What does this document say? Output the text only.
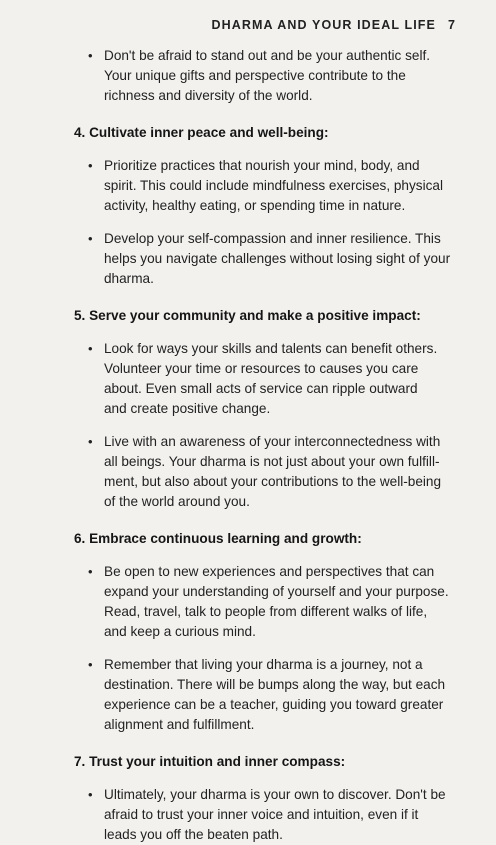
DHARMA AND YOUR IDEAL LIFE 7
• Don't be afraid to stand out and be your authentic self.
Your unique gifts and perspective contribute to the
richness and diversity of the world.
4. Cultivate inner peace and well-being:
• Prioritize practices that nourish your mind, body, and
spirit. This could include mindfulness exercises, physical
activity, healthy eating, or spending time in nature.
• Develop your self-compassion and inner resilience. This
helps you navigate challenges without losing sight of your
dharma.
5. Serve your community and make a positive impact:
• Look for ways your skills and talents can benefit others.
Volunteer your time or resources to causes you care
about. Even small acts of service can ripple outward
and create positive change.
• Live with an awareness of your interconnectedness with
all beings. Your dharma is not just about your own fulfill-
ment, but also about your contributions to the well-being
of the world around you.
6. Embrace continuous learning and growth:
• Be open to new experiences and perspectives that can
expand your understanding of yourself and your purpose.
Read, travel, talk to people from different walks of life,
and keep a curious mind.
• Remember that living your dharma is a journey, not a
destination. There will be bumps along the way, but each
experience can be a teacher, guiding you toward greater
alignment and fulfillment.
7. Trust your intuition and inner compass:
• Ultimately, your dharma is your own to discover. Don't be
afraid to trust your inner voice and intuition, even if it
leads you off the beaten path.
